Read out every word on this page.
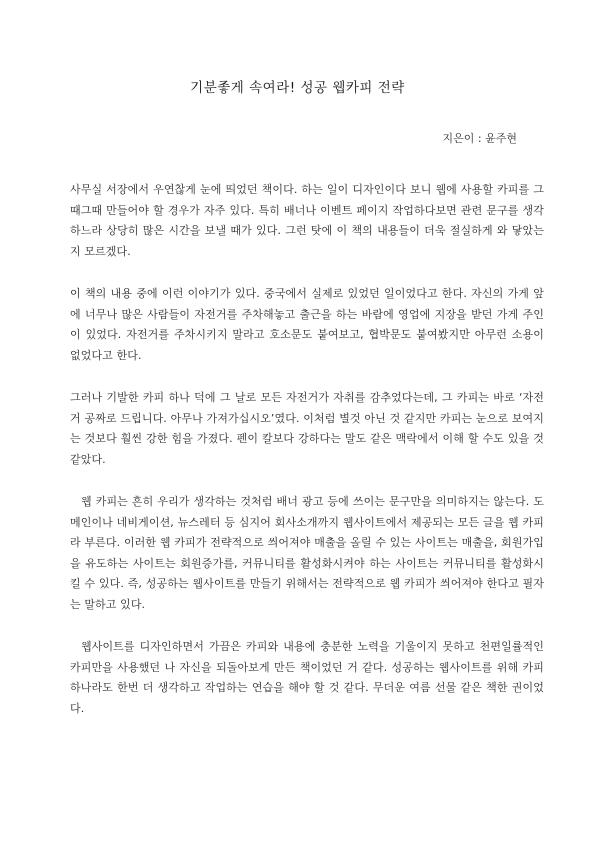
기분좋게 속여라! 성공 웹카피 전략
지은이 : 윤주현

사무실 서장에서 우연찮게 눈에 띄었던 책이다. 하는 일이 디자인이다 보니 웹에 사용할 카피를 그때그때 만들어야 할 경우가 자주 있다. 특히 배너나 이벤트 페이지 작업하다보면 관련 문구를 생각하느라 상당히 많은 시간을 보낼 때가 있다. 그런 탓에 이 책의 내용들이 더욱 절실하게 와 닿았는지 모르겠다.

이 책의 내용 중에 이런 이야기가 있다. 중국에서 실제로 있었던 일이었다고 한다. 자신의 가게 앞에 너무나 많은 사람들이 자전거를 주차해놓고 출근을 하는 바람에 영업에 지장을 받던 가게 주인이 있었다. 자전거를 주차시키지 말라고 호소문도 붙여보고, 협박문도 붙여봤지만 아무런 소용이 없었다고 한다.

그러나 기발한 카피 하나 덕에 그 날로 모든 자전거가 자취를 감추었다는데, 그 카피는 바로 ‘자전거 공짜로 드립니다. 아무나 가져가십시오’였다. 이처럼 별것 아닌 것 같지만 카피는 눈으로 보여지는 것보다 훨씬 강한 힘을 가졌다. 펜이 칼보다 강하다는 말도 같은 맥락에서 이해 할 수도 있을 것 같았다.

웹 카피는 흔히 우리가 생각하는 것처럼 배너 광고 등에 쓰이는 문구만을 의미하지는 않는다. 도메인이나 네비게이션, 뉴스레터 등 심지어 회사소개까지 웹사이트에서 제공되는 모든 글을 웹 카피라 부른다. 이러한 웹 카피가 전략적으로 씌어져야 매출을 올릴 수 있는 사이트는 매출을, 회원가입을 유도하는 사이트는 회원증가를, 커뮤니티를 활성화시켜야 하는 사이트는 커뮤니티를 활성화시킬 수 있다. 즉, 성공하는 웹사이트를 만들기 위해서는 전략적으로 웹 카피가 씌어져야 한다고 필자는 말하고 있다.

웹사이트를 디자인하면서 가끔은 카피와 내용에 충분한 노력을 기울이지 못하고 천편일률적인 카피만을 사용했던 나 자신을 되돌아보게 만든 책이었던 거 같다. 성공하는 웹사이트를 위해 카피 하나라도 한번 더 생각하고 작업하는 연습을 해야 할 것 같다. 무더운 여름 선물 같은 책한 권이었다.
